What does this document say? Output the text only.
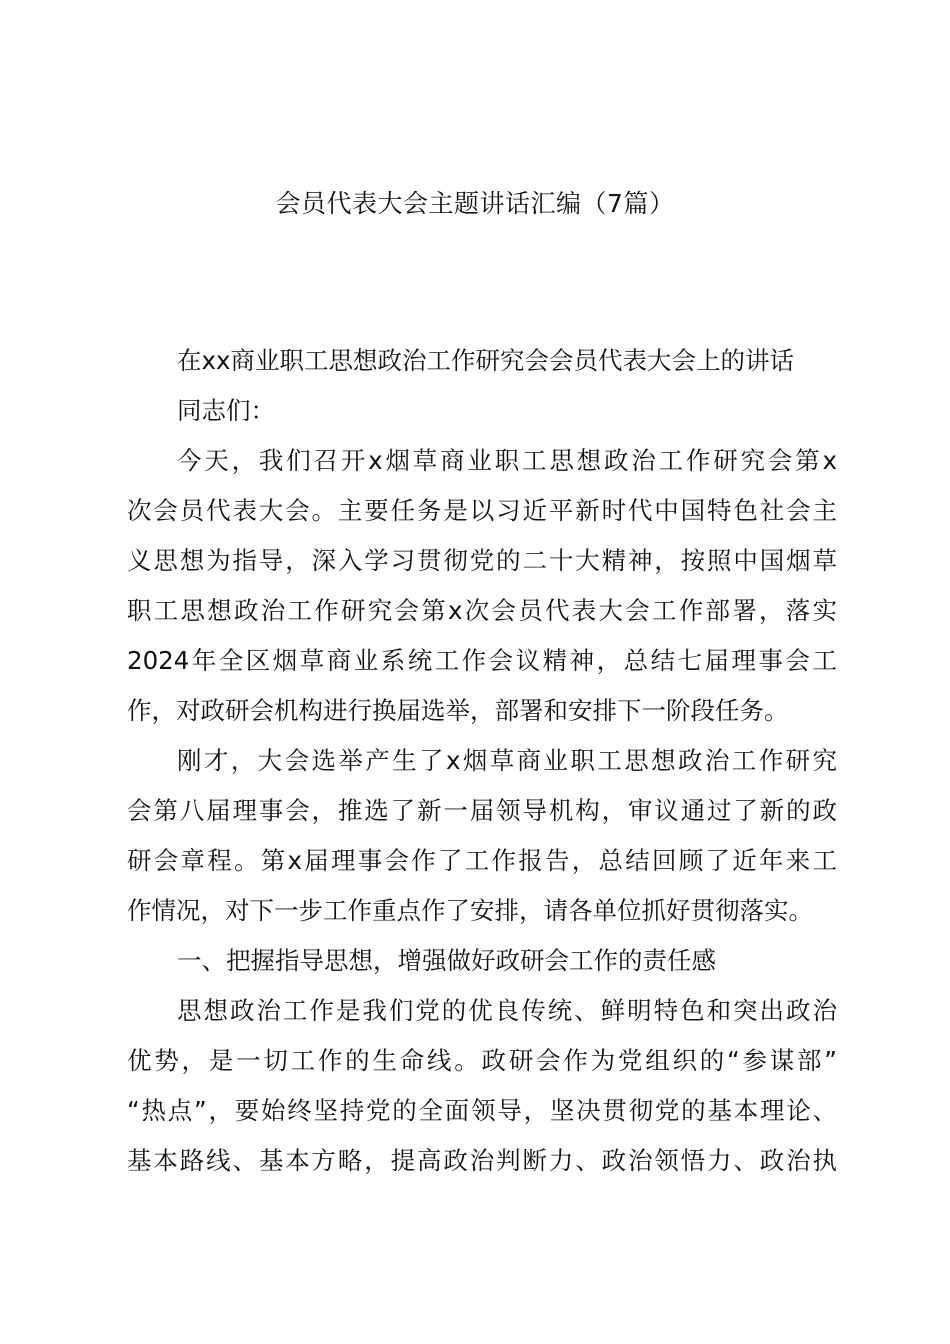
会员代表大会主题讲话汇编（7篇）
在xx商业职工思想政治工作研究会会员代表大会上的讲话
同志们：
今天，我们召开x烟草商业职工思想政治工作研究会第x
次会员代表大会。主要任务是以习近平新时代中国特色社会主
义思想为指导，深入学习贯彻党的二十大精神，按照中国烟草
职工思想政治工作研究会第x次会员代表大会工作部署，落实
2024年全区烟草商业系统工作会议精神，总结七届理事会工
作，对政研会机构进行换届选举，部署和安排下一阶段任务。
刚才，大会选举产生了x烟草商业职工思想政治工作研究
会第八届理事会，推选了新一届领导机构，审议通过了新的政
研会章程。第x届理事会作了工作报告，总结回顾了近年来工
作情况，对下一步工作重点作了安排，请各单位抓好贯彻落实。
一、把握指导思想，增强做好政研会工作的责任感
思想政治工作是我们党的优良传统、鲜明特色和突出政治
优势，是一切工作的生命线。政研会作为党组织的“参谋部”
“热点”，要始终坚持党的全面领导，坚决贯彻党的基本理论、
基本路线、基本方略，提高政治判断力、政治领悟力、政治执
